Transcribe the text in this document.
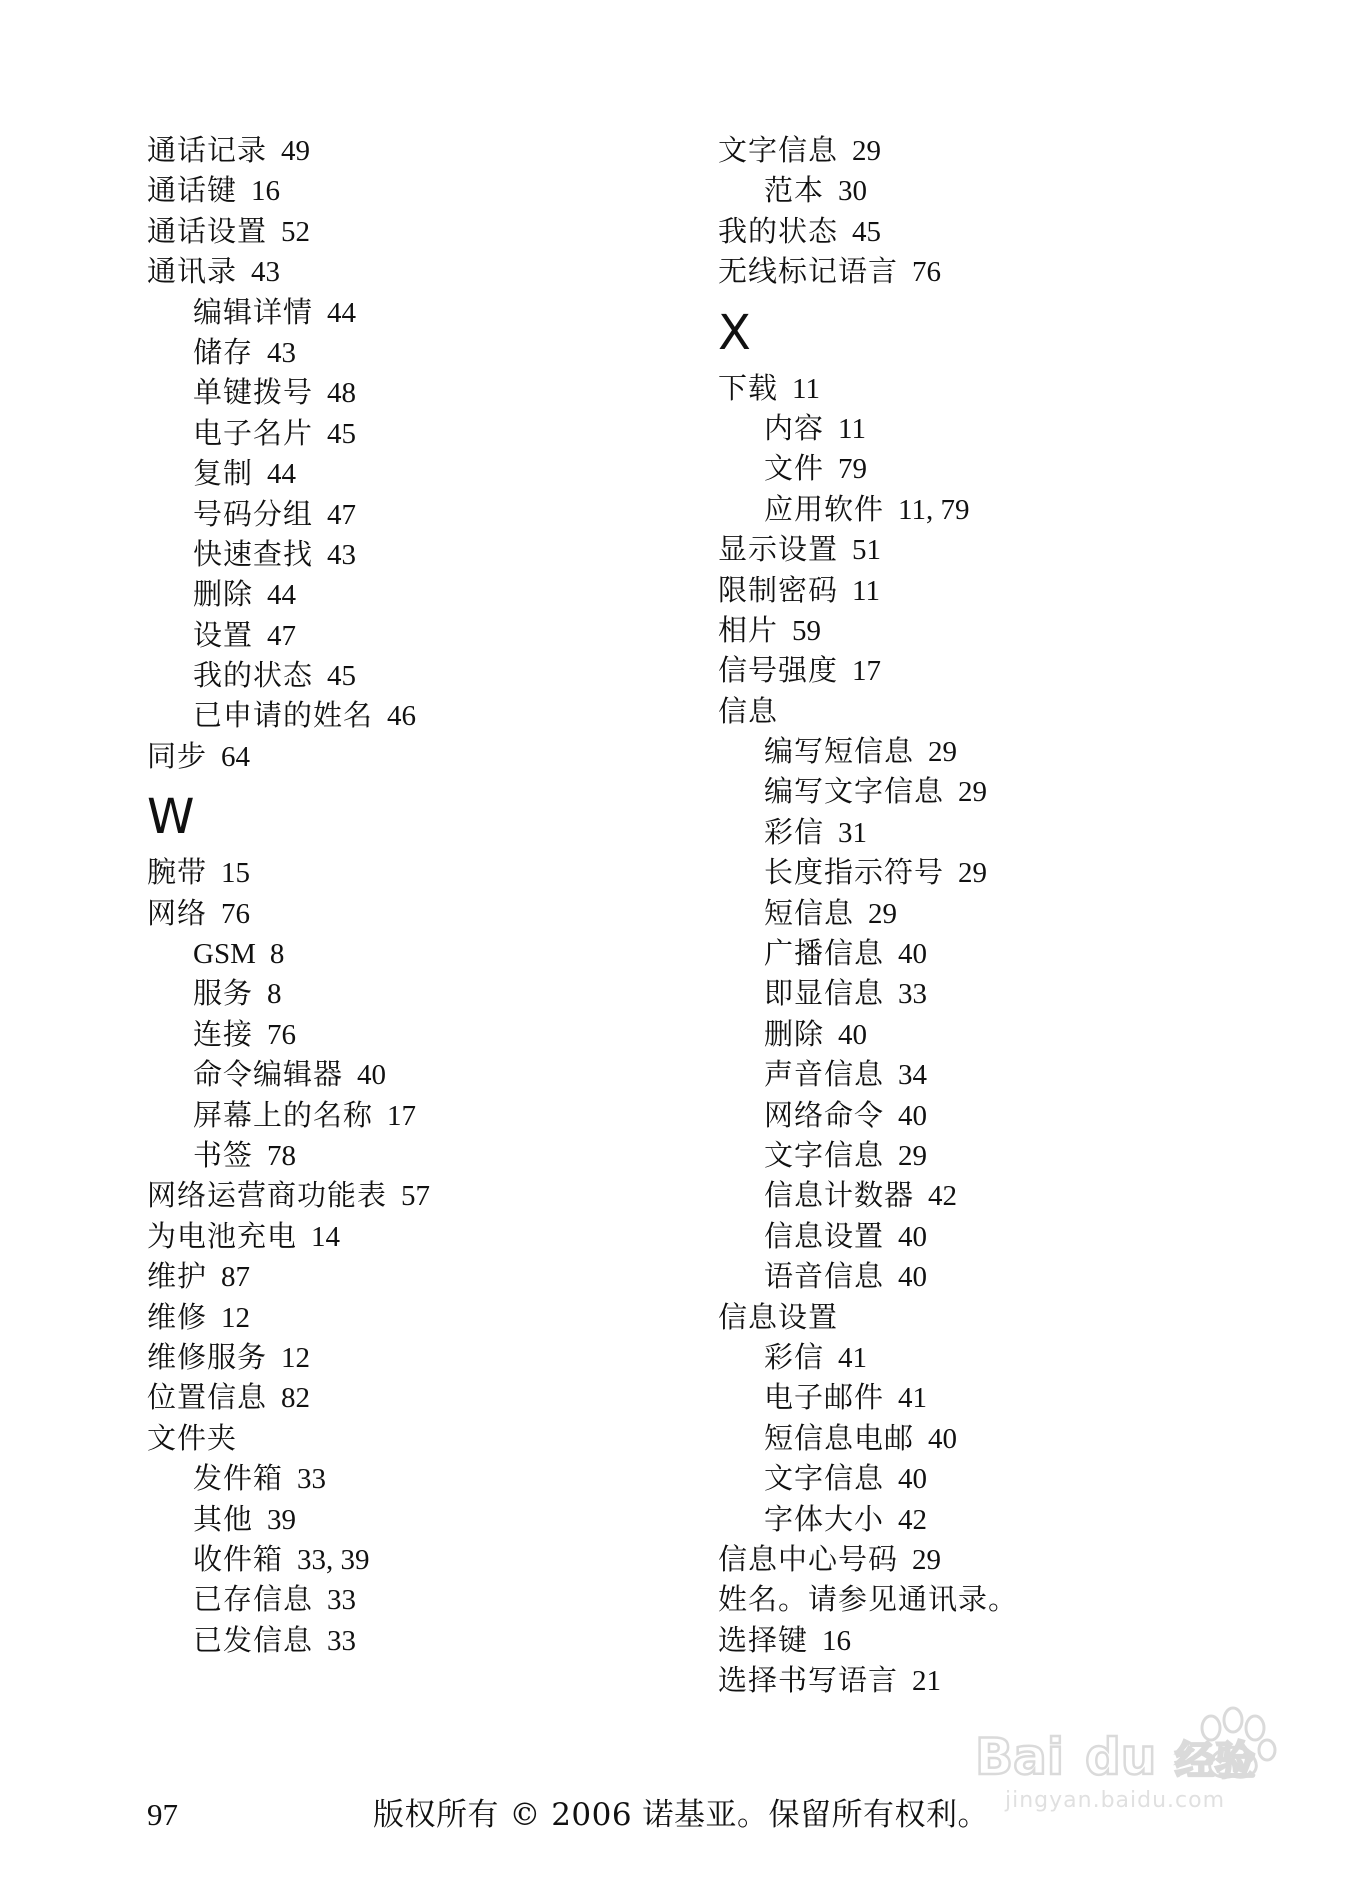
通话记录 49
通话键 16
通话设置 52
通讯录 43
编辑详情 44
储存 43
单键拨号 48
电子名片 45
复制 44
号码分组 47
快速查找 43
删除 44
设置 47
我的状态 45
已申请的姓名 46
同步 64
W
腕带 15
网络 76
GSM 8
服务 8
连接 76
命令编辑器 40
屏幕上的名称 17
书签 78
网络运营商功能表 57
为电池充电 14
维护 87
维修 12
维修服务 12
位置信息 82
文件夹
发件箱 33
其他 39
收件箱 33, 39
已存信息 33
已发信息 33
文字信息 29
范本 30
我的状态 45
无线标记语言 76
X
下载 11
内容 11
文件 79
应用软件 11, 79
显示设置 51
限制密码 11
相片 59
信号强度 17
信息
编写短信息 29
编写文字信息 29
彩信 31
长度指示符号 29
短信息 29
广播信息 40
即显信息 33
删除 40
声音信息 34
网络命令 40
文字信息 29
信息计数器 42
信息设置 40
语音信息 40
信息设置
彩信 41
电子邮件 41
短信息电邮 40
文字信息 40
字体大小 42
信息中心号码 29
姓名。请参见通讯录。
选择键 16
选择书写语言 21
97	版权所有 © 2006 诺基亚。保留所有权利。
Bai du 经验
jingyan.baidu.com
